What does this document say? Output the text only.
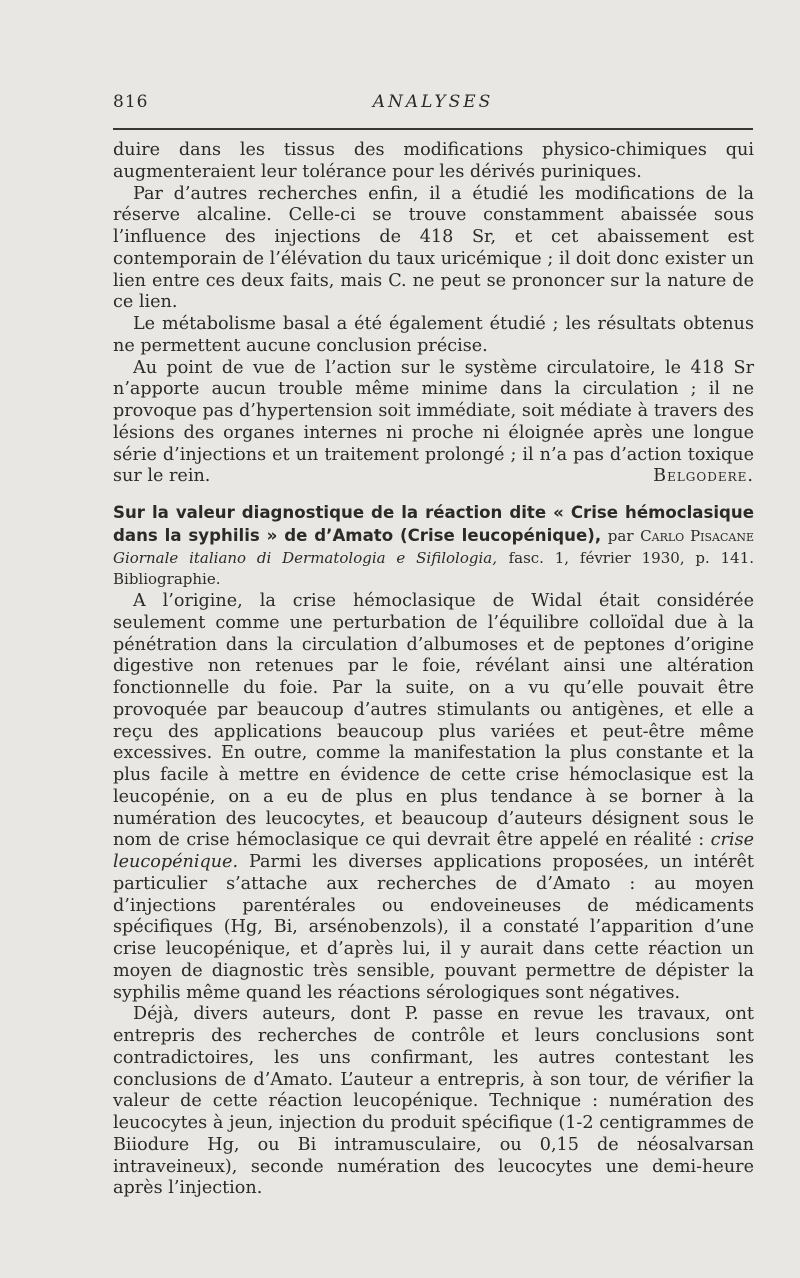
816	ANALYSES

duire dans les tissus des modifications physico-chimiques qui augmenteraient leur tolérance pour les dérivés puriniques.

Par d’autres recherches enfin, il a étudié les modifications de la réserve alcaline. Celle-ci se trouve constamment abaissée sous l’influence des injections de 418 Sr, et cet abaissement est contemporain de l’élévation du taux uricémique ; il doit donc exister un lien entre ces deux faits, mais C. ne peut se prononcer sur la nature de ce lien.

Le métabolisme basal a été également étudié ; les résultats obtenus ne permettent aucune conclusion précise.

Au point de vue de l’action sur le système circulatoire, le 418 Sr n’apporte aucun trouble même minime dans la circulation ; il ne provoque pas d’hypertension soit immédiate, soit médiate à travers des lésions des organes internes ni proche ni éloignée après une longue série d’injections et un traitement prolongé ; il n’a pas d’action toxique sur le rein.	Belgodere.

Sur la valeur diagnostique de la réaction dite « Crise hémoclasique dans la syphilis » de d’Amato (Crise leucopénique), par Carlo Pisacane Giornale italiano di Dermatologia e Sifilologia, fasc. 1, février 1930, p. 141. Bibliographie.

A l’origine, la crise hémoclasique de Widal était considérée seulement comme une perturbation de l’équilibre colloïdal due à la pénétration dans la circulation d’albumoses et de peptones d’origine digestive non retenues par le foie, révélant ainsi une altération fonctionnelle du foie. Par la suite, on a vu qu’elle pouvait être provoquée par beaucoup d’autres stimulants ou antigènes, et elle a reçu des applications beaucoup plus variées et peut-être même excessives. En outre, comme la manifestation la plus constante et la plus facile à mettre en évidence de cette crise hémoclasique est la leucopénie, on a eu de plus en plus tendance à se borner à la numération des leucocytes, et beaucoup d’auteurs désignent sous le nom de crise hémoclasique ce qui devrait être appelé en réalité : crise leucopénique. Parmi les diverses applications proposées, un intérêt particulier s’attache aux recherches de d’Amato : au moyen d’injections parentérales ou endoveineuses de médicaments spécifiques (Hg, Bi, arsénobenzols), il a constaté l’apparition d’une crise leucopénique, et d’après lui, il y aurait dans cette réaction un moyen de diagnostic très sensible, pouvant permettre de dépister la syphilis même quand les réactions sérologiques sont négatives.

Déjà, divers auteurs, dont P. passe en revue les travaux, ont entrepris des recherches de contrôle et leurs conclusions sont contradictoires, les uns confirmant, les autres contestant les conclusions de d’Amato. L’auteur a entrepris, à son tour, de vérifier la valeur de cette réaction leucopénique. Technique : numération des leucocytes à jeun, injection du produit spécifique (1-2 centigrammes de Biiodure Hg, ou Bi intramusculaire, ou 0,15 de néosalvarsan intraveineux), seconde numération des leucocytes une demi-heure après l’injection.
